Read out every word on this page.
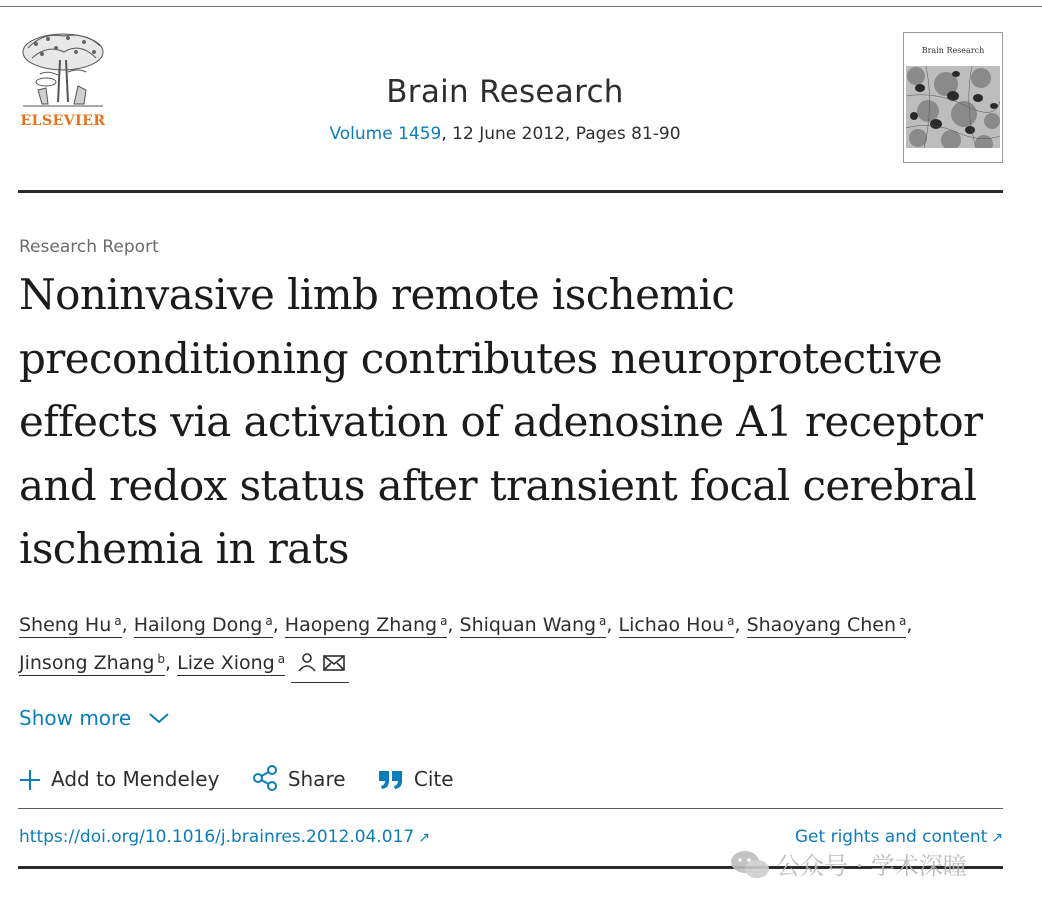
ELSEVIER
Brain Research
Volume 1459, 12 June 2012, Pages 81-90
Brain Research
Research Report
Noninvasive limb remote ischemic preconditioning contributes neuroprotective effects via activation of adenosine A1 receptor and redox status after transient focal cerebral ischemia in rats
Sheng Hu $^a$, Hailong Dong $^a$, Haopeng Zhang $^a$, Shiquan Wang $^a$, Lichao Hou $^a$, Shaoyang Chen $^a$,
Jinsong Zhang $^b$, Lize Xiong $^a$
Show more
Add to Mendeley	Share	Cite
https://doi.org/10.1016/j.brainres.2012.04.017 ↗	Get rights and content ↗
公众号 · 学术深瞳
